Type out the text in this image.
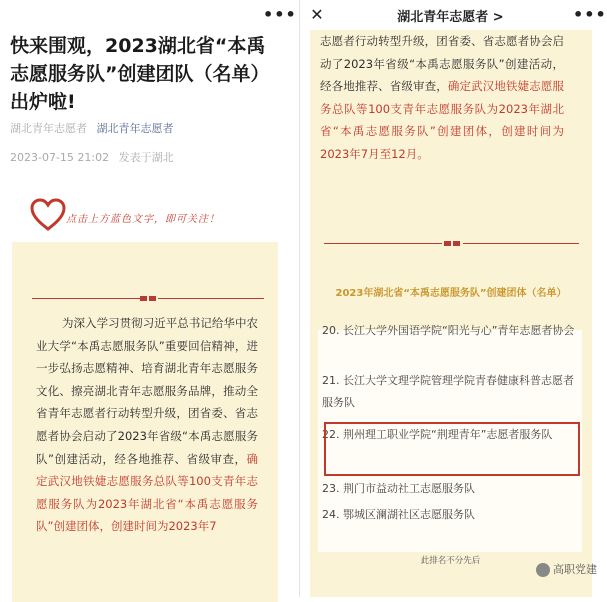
•••
快来围观，2023湖北省“本禹志愿服务队”创建团队（名单）出炉啦!
湖北青年志愿者 湖北青年志愿者
2023-07-15 21:02 发表于湖北
点击上方蓝色文字，即可关注！

为深入学习贯彻习近平总书记给华中农业大学“本禹志愿服务队”重要回信精神，进一步弘扬志愿精神、培育湖北青年志愿服务文化、擦亮湖北青年志愿服务品牌，推动全省青年志愿者行动转型升级，团省委、省志愿者协会启动了2023年省级“本禹志愿服务队”创建活动，经各地推荐、省级审查，确定武汉地铁婕志愿服务总队等100支青年志愿服务队为2023年湖北省“本禹志愿服务队”创建团体，创建时间为2023年7

✕	湖北青年志愿者 >	•••

志愿者行动转型升级，团省委、省志愿者协会启动了2023年省级“本禹志愿服务队”创建活动，经各地推荐、省级审查，确定武汉地铁婕志愿服务总队等100支青年志愿服务队为2023年湖北省“本禹志愿服务队”创建团体，创建时间为2023年7月至12月。

2023年湖北省“本禹志愿服务队”创建团体（名单）

20. 长江大学外国语学院“阳光与心”青年志愿者协会

21. 长江大学文理学院管理学院青春健康科普志愿者服务队

22. 荆州理工职业学院“荆理青年”志愿者服务队

23. 荆门市益动社工志愿服务队

24. 鄂城区澜湖社区志愿服务队

此排名不分先后
高职党建
